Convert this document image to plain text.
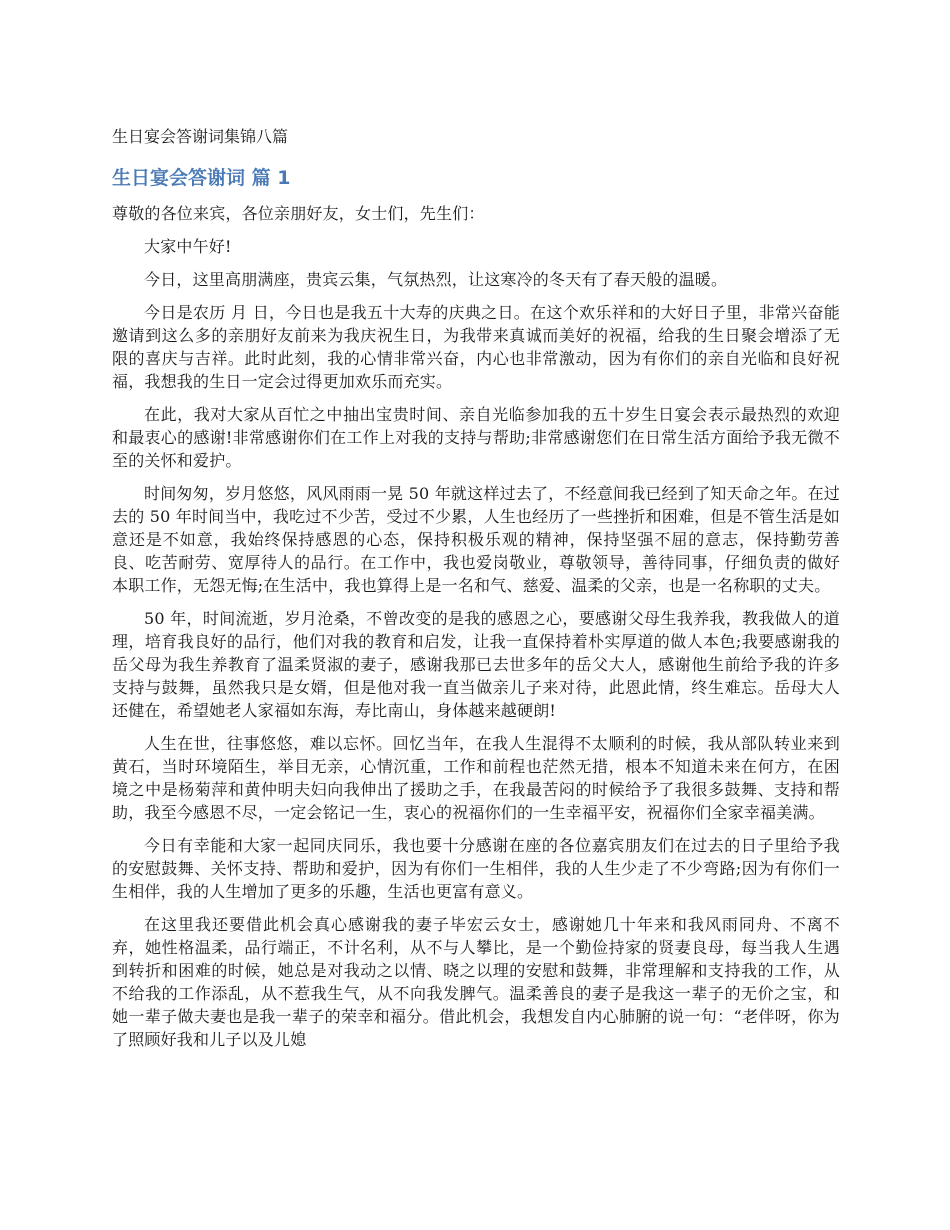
生日宴会答谢词集锦八篇
生日宴会答谢词 篇 1

尊敬的各位来宾，各位亲朋好友，女士们，先生们：

大家中午好!

今日，这里高朋满座，贵宾云集，气氛热烈，让这寒冷的冬天有了春天般的温暖。

今日是农历 月 日，今日也是我五十大寿的庆典之日。在这个欢乐祥和的大好日子里，非常兴奋能邀请到这么多的亲朋好友前来为我庆祝生日，为我带来真诚而美好的祝福，给我的生日聚会增添了无限的喜庆与吉祥。此时此刻，我的心情非常兴奋，内心也非常激动，因为有你们的亲自光临和良好祝福，我想我的生日一定会过得更加欢乐而充实。

在此，我对大家从百忙之中抽出宝贵时间、亲自光临参加我的五十岁生日宴会表示最热烈的欢迎和最衷心的感谢!非常感谢你们在工作上对我的支持与帮助;非常感谢您们在日常生活方面给予我无微不至的关怀和爱护。

时间匆匆，岁月悠悠，风风雨雨一晃 50 年就这样过去了，不经意间我已经到了知天命之年。在过去的 50 年时间当中，我吃过不少苦，受过不少累，人生也经历了一些挫折和困难，但是不管生活是如意还是不如意，我始终保持感恩的心态，保持积极乐观的精神，保持坚强不屈的意志，保持勤劳善良、吃苦耐劳、宽厚待人的品行。在工作中，我也爱岗敬业，尊敬领导，善待同事，仔细负责的做好本职工作，无怨无悔;在生活中，我也算得上是一名和气、慈爱、温柔的父亲，也是一名称职的丈夫。

50 年，时间流逝，岁月沧桑，不曾改变的是我的感恩之心，要感谢父母生我养我，教我做人的道理，培育我良好的品行，他们对我的教育和启发，让我一直保持着朴实厚道的做人本色;我要感谢我的岳父母为我生养教育了温柔贤淑的妻子，感谢我那已去世多年的岳父大人，感谢他生前给予我的许多支持与鼓舞，虽然我只是女婿，但是他对我一直当做亲儿子来对待，此恩此情，终生难忘。岳母大人还健在，希望她老人家福如东海，寿比南山，身体越来越硬朗!

人生在世，往事悠悠，难以忘怀。回忆当年，在我人生混得不太顺利的时候，我从部队转业来到黄石，当时环境陌生，举目无亲，心情沉重，工作和前程也茫然无措，根本不知道未来在何方，在困境之中是杨菊萍和黄仲明夫妇向我伸出了援助之手，在我最苦闷的时候给予了我很多鼓舞、支持和帮助，我至今感恩不尽，一定会铭记一生，衷心的祝福你们的一生幸福平安，祝福你们全家幸福美满。

今日有幸能和大家一起同庆同乐，我也要十分感谢在座的各位嘉宾朋友们在过去的日子里给予我的安慰鼓舞、关怀支持、帮助和爱护，因为有你们一生相伴，我的人生少走了不少弯路;因为有你们一生相伴，我的人生增加了更多的乐趣，生活也更富有意义。

在这里我还要借此机会真心感谢我的妻子毕宏云女士，感谢她几十年来和我风雨同舟、不离不弃，她性格温柔，品行端正，不计名利，从不与人攀比，是一个勤俭持家的贤妻良母，每当我人生遇到转折和困难的时候，她总是对我动之以情、晓之以理的安慰和鼓舞，非常理解和支持我的工作，从不给我的工作添乱，从不惹我生气，从不向我发脾气。温柔善良的妻子是我这一辈子的无价之宝，和她一辈子做夫妻也是我一辈子的荣幸和福分。借此机会，我想发自内心肺腑的说一句：“老伴呀，你为了照顾好我和儿子以及儿媳
